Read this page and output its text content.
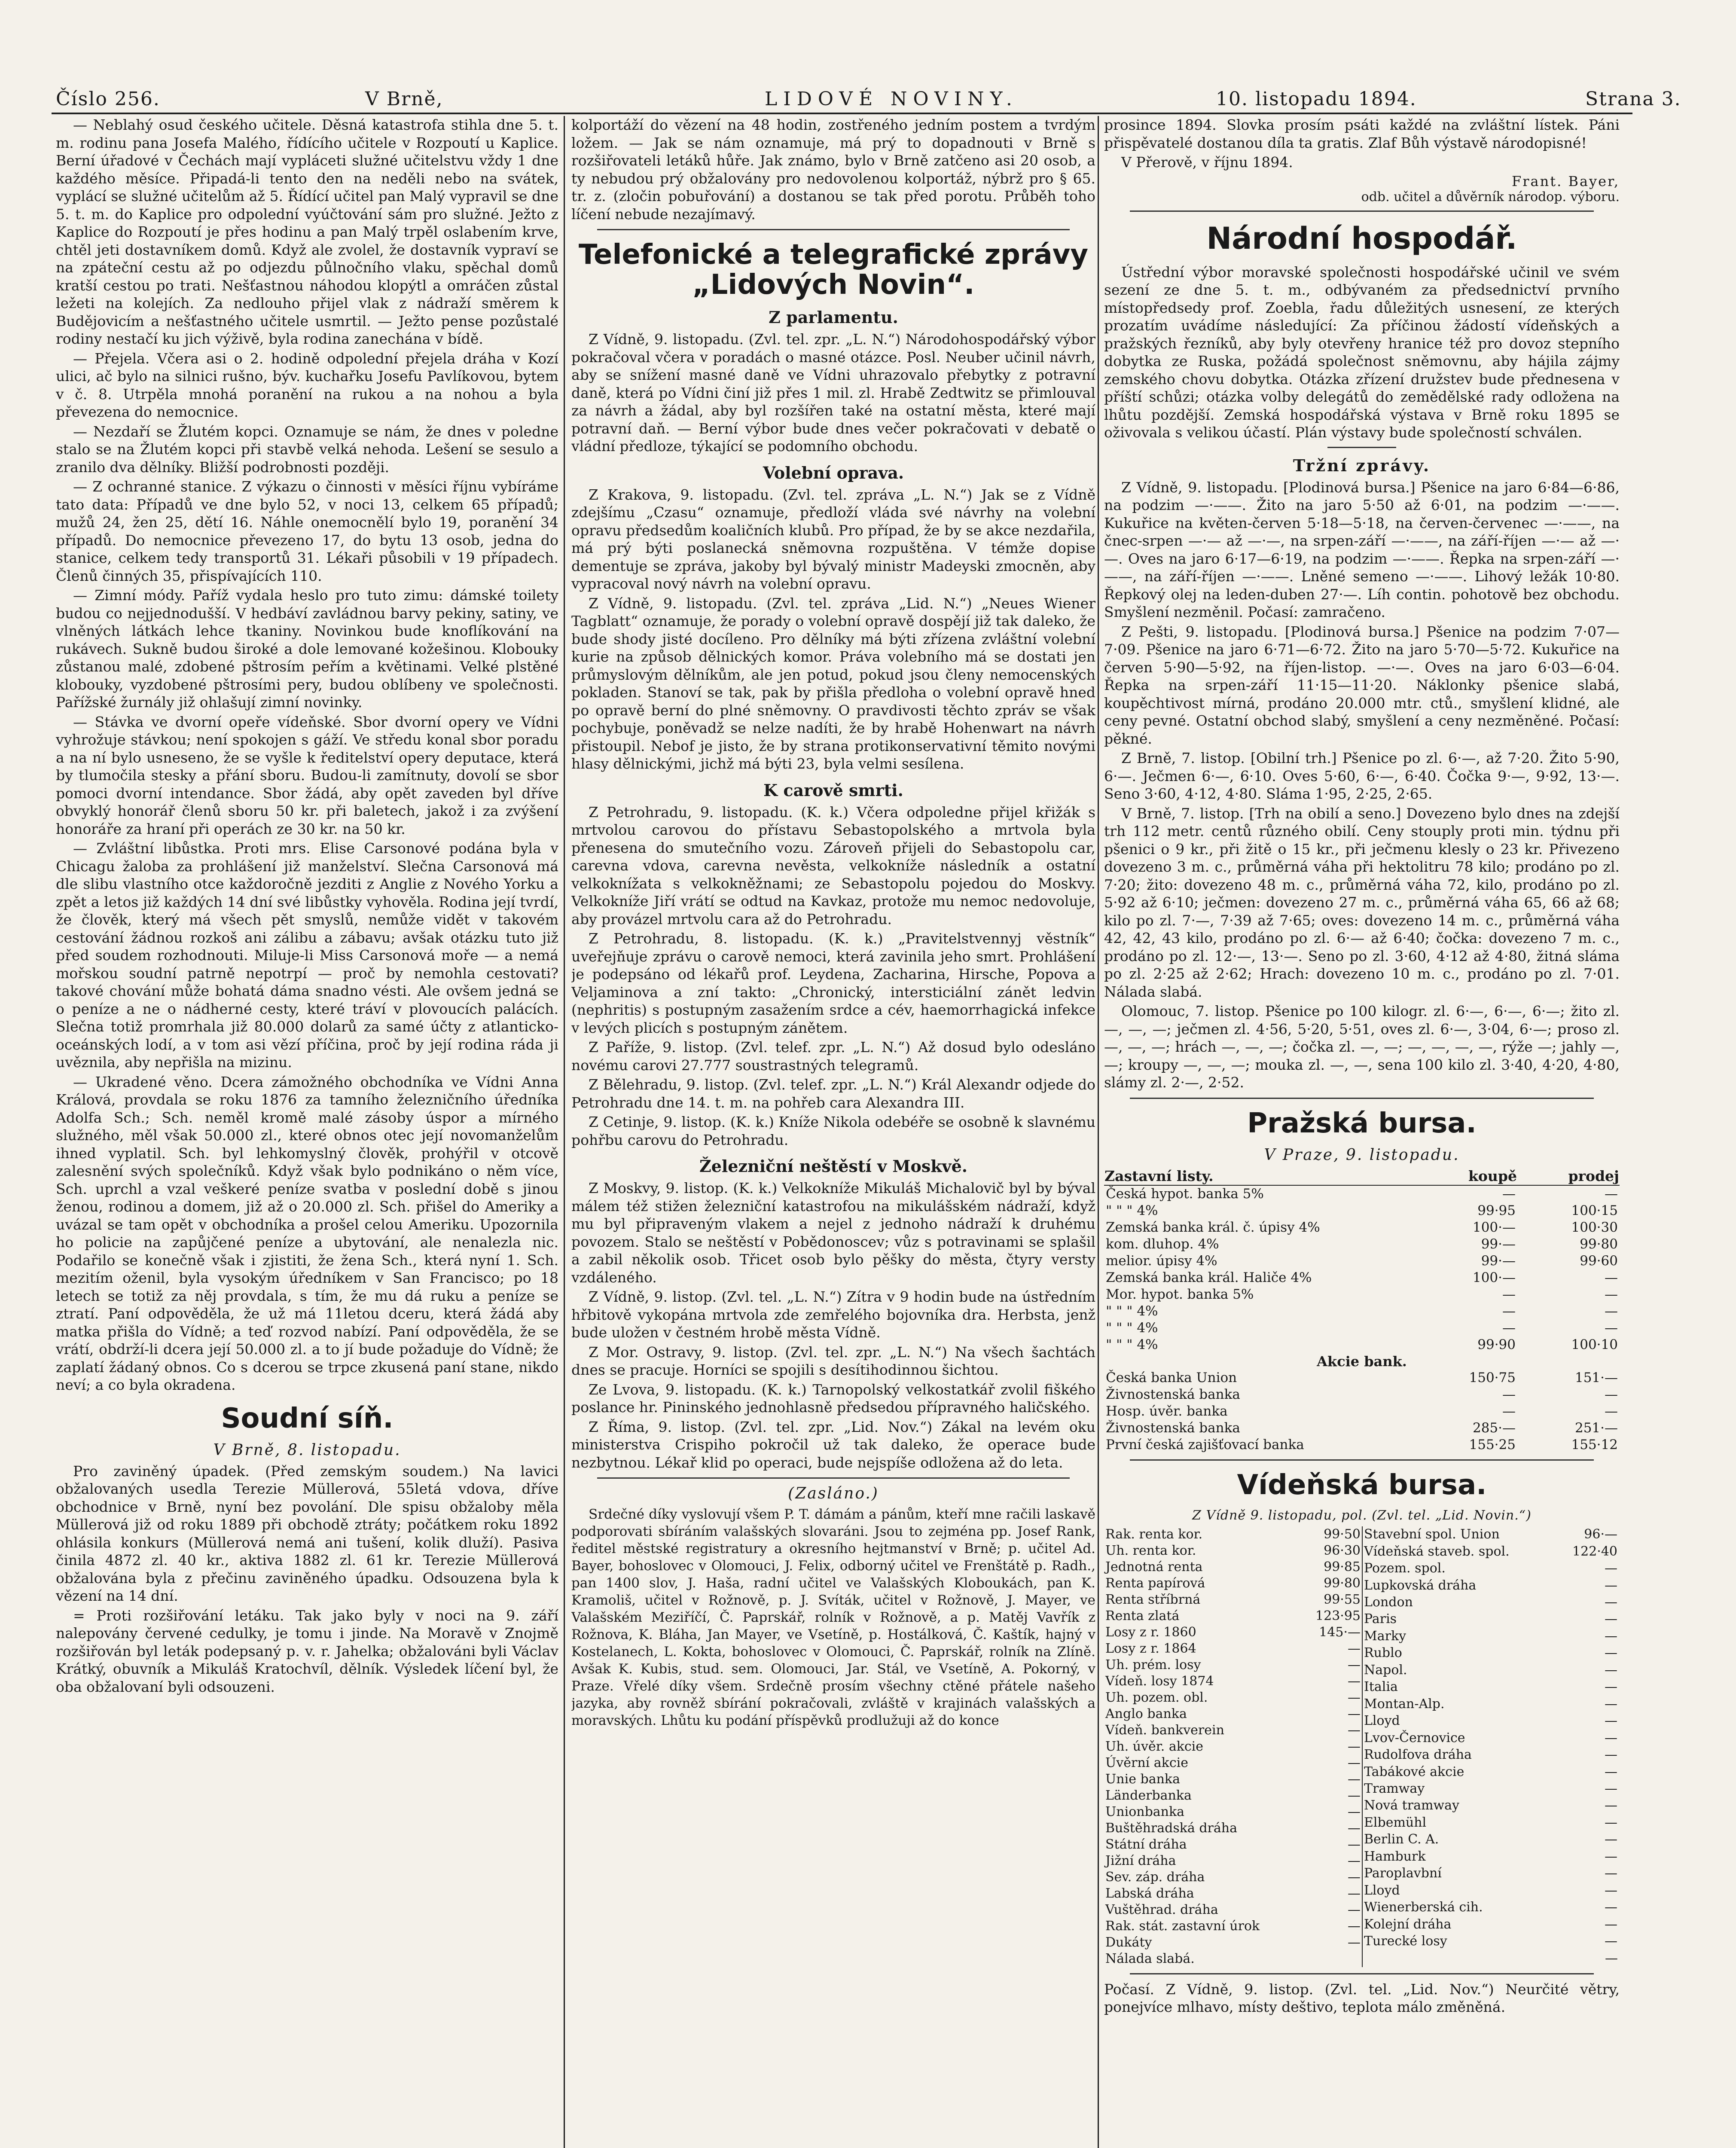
Číslo 256.	V Brně,	LIDOVÉ NOVINY.	10. listopadu 1894.	Strana 3.

— Neblahý osud českého učitele. Děsná katastrofa stihla dne 5. t. m. rodinu pana Josefa Malého, řídícího učitele v Rozpoutí u Kaplice. Berní úřadové v Čechách mají vypláceti služné učitelstvu vždy 1 dne každého měsíce. Připadá-li tento den na neděli nebo na svátek, vyplácí se služné učitelům až 5. Řídící učitel pan Malý vypravil se dne 5. t. m. do Kaplice pro odpolední vyúčtování sám pro služné. Ježto z Kaplice do Rozpoutí je přes hodinu a pan Malý trpěl oslabením krve, chtěl jeti dostavníkem domů. Když ale zvolel, že dostavník vypraví se na zpáteční cestu až po odjezdu půlnočního vlaku, spěchal domů kratší cestou po trati. Nešťastnou náhodou klopýtl a omráčen zůstal ležeti na kolejích. Za nedlouho přijel vlak z nádraží směrem k Budějovicím a nešťastného učitele usmrtil. — Ježto pense pozůstalé rodiny nestačí ku jich výživě, byla rodina zanechána v bídě.

— Přejela. Včera asi o 2. hodině odpolední přejela dráha v Kozí ulici, ač bylo na silnici rušno, býv. kuchařku Josefu Pavlíkovou, bytem v č. 8. Utrpěla mnohá poranění na rukou a na nohou a byla převezena do nemocnice.

— Nezdaří se Žlutém kopci. Oznamuje se nám, že dnes v poledne stalo se na Žlutém kopci při stavbě velká nehoda. Lešení se sesulo a zranilo dva dělníky. Bližší podrobnosti později.

— Z ochranné stanice. Z výkazu o činnosti v měsíci říjnu vybíráme tato data: Případů ve dne bylo 52, v noci 13, celkem 65 případů; mužů 24, žen 25, dětí 16. Náhle onemocnělí bylo 19, poranění 34 případů. Do nemocnice převezeno 17, do bytu 13 osob, jedna do stanice, celkem tedy transportů 31. Lékaři působili v 19 případech. Členů činných 35, přispívajících 110.

— Zimní módy. Paříž vydala heslo pro tuto zimu: dámské toilety budou co nejjednodušší. V hedbáví zavládnou barvy pekiny, satiny, ve vlněných látkách lehce tkaniny. Novinkou bude knoflíkování na rukávech. Sukně budou široké a dole lemované kožešinou. Klobouky zůstanou malé, zdobené pštrosím peřím a květinami. Velké plstěné klobouky, vyzdobené pštrosími pery, budou oblíbeny ve společnosti. Pařížské žurnály již ohlašují zimní novinky.

— Stávka ve dvorní opeře vídeňské. Sbor dvorní opery ve Vídni vyhrožuje stávkou; není spokojen s gáží. Ve středu konal sbor poradu a na ní bylo usneseno, že se vyšle k ředitelství opery deputace, která by tlumočila stesky a přání sboru. Budou-li zamítnuty, dovolí se sbor pomoci dvorní intendance. Sbor žádá, aby opět zaveden byl dříve obvyklý honorář členů sboru 50 kr. při baletech, jakož i za zvýšení honoráře za hraní při operách ze 30 kr. na 50 kr.

— Zvláštní libůstka. Proti mrs. Elise Carsonové podána byla v Chicagu žaloba za prohlášení již manželství. Slečna Carsonová má dle slibu vlastního otce každoročně jezditi z Anglie z Nového Yorku a zpět a letos již každých 14 dní své libůstky vyhověla. Rodina její tvrdí, že člověk, který má všech pět smyslů, nemůže vidět v takovém cestování žádnou rozkoš ani zálibu a zábavu; avšak otázku tuto již před soudem rozhodnouti. Miluje-li Miss Carsonová moře — a nemá mořskou soudní patrně nepotrpí — proč by nemohla cestovati? takové chování může bohatá dáma snadno vésti. Ale ovšem jedná se o peníze a ne o nádherné cesty, které tráví v plovoucích palácích. Slečna totiž promrhala již 80.000 dolarů za samé účty z atlanticko-oceánských lodí, a v tom asi vězí příčina, proč by její rodina ráda ji uvěznila, aby nepřišla na mizinu.

— Ukradené věno. Dcera zámožného obchodníka ve Vídni Anna Králová, provdala se roku 1876 za tamního železničního úředníka Adolfa Sch.; Sch. neměl kromě malé zásoby úspor a mírného služného, měl však 50.000 zl., které obnos otec její novomanželům ihned vyplatil. Sch. byl lehkomyslný člověk, prohýřil v otcově zalesnění svých společníků. Když však bylo podnikáno o něm více, Sch. uprchl a vzal veškeré peníze svatba v poslední době s jinou ženou, rodinou a domem, již až o 20.000 zl. Sch. přišel do Ameriky a uvázal se tam opět v obchodníka a prošel celou Ameriku. Upozornila ho policie na zapůjčené peníze a ubytování, ale nenalezla nic. Podařilo se konečně však i zjistiti, že žena Sch., která nyní 1. Sch. mezitím oženil, byla vysokým úředníkem v San Francisco; po 18 letech se totiž za něj provdala, s tím, že mu dá ruku a peníze se ztratí. Paní odpověděla, že už má 11letou dceru, která žádá aby matka přišla do Vídně; a teď rozvod nabízí. Paní odpověděla, že se vrátí, obdrží-li dcera její 50.000 zl. a to jí bude požaduje do Vídně; že zaplatí žádaný obnos. Co s dcerou se trpce zkusená paní stane, nikdo neví; a co byla okradena.

Soudní síň.
V Brně, 8. listopadu.

Pro zaviněný úpadek. (Před zemským soudem.) Na lavici obžalovaných usedla Terezie Müllerová, 55letá vdova, dříve obchodnice v Brně, nyní bez povolání. Dle spisu obžaloby měla Müllerová již od roku 1889 při obchodě ztráty; počátkem roku 1892 ohlásila konkurs (Müllerová nemá ani tušení, kolik dluží). Pasiva činila 4872 zl. 40 kr., aktiva 1882 zl. 61 kr. Terezie Müllerová obžalována byla z přečinu zaviněného úpadku. Odsouzena byla k vězení na 14 dní.

= Proti rozšiřování letáku. Tak jako byly v noci na 9. září nalepovány červené cedulky, je tomu i jinde. Na Moravě v Znojmě rozšiřován byl leták podepsaný p. v. r. Jahelka; obžalováni byli Václav Krátký, obuvník a Mikuláš Kratochvíl, dělník. Výsledek líčení byl, že oba obžalovaní byli odsouzeni.

kolportáží do vězení na 48 hodin, zostřeného jedním postem a tvrdým ložem. — Jak se nám oznamuje, má prý to dopadnouti v Brně s rozšiřovateli letáků hůře. Jak známo, bylo v Brně zatčeno asi 20 osob, a ty nebudou prý obžalovány pro nedovolenou kolportáž, nýbrž pro § 65. tr. z. (zločin pobuřování) a dostanou se tak před porotu. Průběh toho líčení nebude nezajímavý.

Telefonické a telegrafické zprávy „Lidových Novin“.
Z parlamentu.

Z Vídně, 9. listopadu. (Zvl. tel. zpr. „L. N.“) Národohospodářský výbor pokračoval včera v poradách o masné otázce. Posl. Neuber učinil návrh, aby se snížení masné daně ve Vídni uhrazovalo přebytky z potravní daně, která po Vídni činí již přes 1 mil. zl. Hrabě Zedtwitz se přimlouval za návrh a žádal, aby byl rozšířen také na ostatní města, které mají potravní daň. — Berní výbor bude dnes večer pokračovati v debatě o vládní předloze, týkající se podomního obchodu.

Volební oprava.

Z Krakova, 9. listopadu. (Zvl. tel. zpráva „L. N.“) Jak se z Vídně zdejšímu „Czasu“ oznamuje, předloží vláda své návrhy na volební opravu předsedům koaličních klubů. Pro případ, že by se akce nezdařila, má prý býti poslanecká sněmovna rozpuštěna. V témže dopise dementuje se zpráva, jakoby byl bývalý ministr Madeyski zmocněn, aby vypracoval nový návrh na volební opravu.

Z Vídně, 9. listopadu. (Zvl. tel. zpráva „Lid. N.“) „Neues Wiener Tagblatt“ oznamuje, že porady o volební opravě dospějí již tak daleko, že bude shody jisté docíleno. Pro dělníky má býti zřízena zvláštní volební kurie na způsob dělnických komor. Práva volebního má se dostati jen průmyslovým dělníkům, ale jen potud, pokud jsou členy nemocenských pokladen. Stanoví se tak, pak by přišla předloha o volební opravě hned po opravě berní do plné sněmovny. O pravdivosti těchto zpráv se však pochybuje, poněvadž se nelze nadíti, že by hrabě Hohenwart na návrh přistoupil. Nebof je jisto, že by strana protikonservativní těmito novými hlasy dělnickými, jichž má býti 23, byla velmi sesílena.

K carově smrti.

Z Petrohradu, 9. listopadu. (K. k.) Včera odpoledne přijel křižák s mrtvolou carovou do přístavu Sebastopolského a mrtvola byla přenesena do smutečního vozu. Zároveň přijeli do Sebastopolu car, carevna vdova, carevna nevěsta, velkokníže následník a ostatní velkoknížata s velkokněžnami; ze Sebastopolu pojedou do Moskvy. Velkokníže Jiří vrátí se odtud na Kavkaz, protože mu nemoc nedovoluje, aby provázel mrtvolu cara až do Petrohradu.

Z Petrohradu, 8. listopadu. (K. k.) „Pravitelstvennyj věstník“ uveřejňuje zprávu o carově nemoci, která zavinila jeho smrt. Prohlášení je podepsáno od lékařů prof. Leydena, Zacharina, Hirsche, Popova a Veljaminova a zní takto: „Chronický, intersticiální zánět ledvin (nephritis) s postupným zasažením srdce a cév, haemorrhagická infekce v levých plicích s postupným zánětem.

Z Paříže, 9. listop. (Zvl. telef. zpr. „L. N.“) Až dosud bylo odesláno novému carovi 27.777 soustrastných telegramů.

Z Bělehradu, 9. listop. (Zvl. telef. zpr. „L. N.“) Král Alexandr odjede do Petrohradu dne 14. t. m. na pohřeb cara Alexandra III.

Z Cetinje, 9. listop. (K. k.) Kníže Nikola odebéře se osobně k slavnému pohřbu carovu do Petrohradu.

Železniční neštěstí v Moskvě.

Z Moskvy, 9. listop. (K. k.) Velkokníže Mikuláš Michalovič byl by býval málem též stižen železniční katastrofou na mikulášském nádraží, když mu byl připraveným vlakem a nejel z jednoho nádraží k druhému povozem. Stalo se neštěstí v Pobědonoscev; vůz s potravinami se splašil a zabil několik osob. Třicet osob bylo pěšky do města, čtyry versty vzdáleného.

Z Vídně, 9. listop. (Zvl. tel. „L. N.“) Zítra v 9 hodin bude na ústředním hřbitově vykopána mrtvola zde zemřelého bojovníka dra. Herbsta, jenž bude uložen v čestném hrobě města Vídně.

Z Mor. Ostravy, 9. listop. (Zvl. tel. zpr. „L. N.“) Na všech šachtách dnes se pracuje. Horníci se spojili s desítihodinnou šichtou.

Ze Lvova, 9. listopadu. (K. k.) Tarnopolský velkostatkář zvolil fiškého poslance hr. Pininského jednohlasně předsedou přípravného haličského.

Z Říma, 9. listop. (Zvl. tel. zpr. „Lid. Nov.“) Zákal na levém oku ministerstva Crispiho pokročil už tak daleko, že operace bude nezbytnou. Lékař klid po operaci, bude nejspíše odložena až do leta.

(Zasláno.)

Srdečné díky vyslovují všem P. T. dámám a pánům, kteří mne račili laskavě podporovati sbíráním valašských slovaráni. Jsou to zejména pp. Josef Rank, ředitel městské registratury a okresního hejtmanství v Brně; p. učitel Ad. Bayer, bohoslovec v Olomouci, J. Felix, odborný učitel ve Frenštátě p. Radh., pan 1400 slov, J. Haša, radní učitel ve Valašských Kloboukách, pan K. Kramoliš, učitel v Rožnově, p. J. Svíták, učitel v Rožnově, J. Mayer, ve Valašském Meziříčí, Č. Paprskář, rolník v Rožnově, a p. Matěj Vavřík z Rožnova, K. Bláha, Jan Mayer, ve Vsetíně, p. Hostálková, Č. Kaštík, hajný v Kostelanech, L. Kokta, bohoslovec v Olomouci, Č. Paprskář, rolník na Zlíně. Avšak K. Kubis, stud. sem. Olomouci, Jar. Stál, ve Vsetíně, A. Pokorný, v Praze. Vřelé díky všem. Srdečně prosím všechny ctěné přátele našeho jazyka, aby rovněž sbírání pokračovali, zvláště v krajinách valašských a moravských. Lhůtu ku podání příspěvků prodlužuji až do konce

prosince 1894. Slovka prosím psáti každé na zvláštní lístek. Páni přispěvatelé dostanou díla ta gratis. Zlaf Bůh výstavě národopisné!

V Přerově, v říjnu 1894.

Frant. Bayer,
odb. učitel a důvěrník národop. výboru.
Národní hospodář.

Ústřední výbor moravské společnosti hospodářské učinil ve svém sezení ze dne 5. t. m., odbývaném za předsednictví prvního místopředsedy prof. Zoebla, řadu důležitých usnesení, ze kterých prozatím uvádíme následující: Za příčinou žádostí vídeňských a pražských řezníků, aby byly otevřeny hranice též pro dovoz stepního dobytka ze Ruska, požádá společnost sněmovnu, aby hájila zájmy zemského chovu dobytka. Otázka zřízení družstev bude přednesena v příští schůzi; otázka volby delegátů do zemědělské rady odložena na lhůtu pozdější. Zemská hospodářská výstava v Brně roku 1895 se oživovala s velikou účastí. Plán výstavy bude společností schválen.

Tržní zprávy.

Z Vídně, 9. listopadu. [Plodinová bursa.] Pšenice na jaro 6·84—6·86, na podzim —·——. Žito na jaro 5·50 až 6·01, na podzim —·——. Kukuřice na květen-červen 5·18—5·18, na červen-červenec —·——, na čnec-srpen —·— až —·—, na srpen-září —·——, na září-říjen —·— až —·—. Oves na jaro 6·17—6·19, na podzim —·——. Řepka na srpen-září —·——, na září-říjen —·——. Lněné semeno —·——. Lihový ležák 10·80. Řepkový olej na leden-duben 27·—. Líh contin. pohotově bez obchodu. Smyšlení nezměnil. Počasí: zamračeno.

Z Pešti, 9. listopadu. [Plodinová bursa.] Pšenice na podzim 7·07—7·09. Pšenice na jaro 6·71—6·72. Žito na jaro 5·70—5·72. Kukuřice na červen 5·90—5·92, na říjen-listop. —·—. Oves na jaro 6·03—6·04. Řepka na srpen-září 11·15—11·20. Náklonky pšenice slabá, koupěchtivost mírná, prodáno 20.000 mtr. ctů., smyšlení klidné, ale ceny pevné. Ostatní obchod slabý, smyšlení a ceny nezměněné. Počasí: pěkné.

Z Brně, 7. listop. [Obilní trh.] Pšenice po zl. 6·—, až 7·20. Žito 5·90, 6·—. Ječmen 6·—, 6·10. Oves 5·60, 6·—, 6·40. Čočka 9·—, 9·92, 13·—. Seno 3·60, 4·12, 4·80. Sláma 1·95, 2·25, 2·65.

V Brně, 7. listop. [Trh na obilí a seno.] Dovezeno bylo dnes na zdejší trh 112 metr. centů různého obilí. Ceny stouply proti min. týdnu při pšenici o 9 kr., při žitě o 15 kr., při ječmenu klesly o 23 kr. Přivezeno dovezeno 3 m. c., průměrná váha při hektolitru 78 kilo; prodáno po zl. 7·20; žito: dovezeno 48 m. c., průměrná váha 72, kilo, prodáno po zl. 5·92 až 6·10; ječmen: dovezeno 27 m. c., průměrná váha 65, 66 až 68; kilo po zl. 7·—, 7·39 až 7·65; oves: dovezeno 14 m. c., průměrná váha 42, 42, 43 kilo, prodáno po zl. 6·— až 6·40; čočka: dovezeno 7 m. c., prodáno po zl. 12·—, 13·—. Seno po zl. 3·60, 4·12 až 4·80, žitná sláma po zl. 2·25 až 2·62; Hrach: dovezeno 10 m. c., prodáno po zl. 7·01. Nálada slabá.

Olomouc, 7. listop. Pšenice po 100 kilogr. zl. 6·—, 6·—, 6·—; žito zl. —, —, —; ječmen zl. 4·56, 5·20, 5·51, oves zl. 6·—, 3·04, 6·—; proso zl. —, —, —; hrách —, —, —; čočka zl. —, —; —, —, —, —, rýže —; jahly —, —; kroupy —, —, —; mouka zl. —, —, sena 100 kilo zl. 3·40, 4·20, 4·80, slámy zl. 2·—, 2·52.

Pražská bursa.
V Praze, 9. listopadu.
Zastavní listy.	koupě	prodej
Česká hypot. banka 5%	—	—
" " " 4%	99·95	100·15
Zemská banka král. č. úpisy 4%	100·—	100·30
kom. dluhop. 4%	99·—	99·80
melior. úpisy 4%	99·—	99·60
Zemská banka král. Haliče 4%	100·—	—
Mor. hypot. banka 5%	—	—
" " " 4%	—	—
" " " 4%	—	—
" " " 4%	99·90	100·10
Akcie bank.
Česká banka Union	150·75	151·—
Živnostenská banka	—	—
Hosp. úvěr. banka	—	—
Živnostenská banka	285·—	251·—
První česká zajišťovací banka	155·25	155·12
Vídeňská bursa.
Z Vídně 9. listopadu, pol. (Zvl. tel. „Lid. Novin.“)
Rak. renta kor.	99·50
Uh. renta kor.	96·30
Jednotná renta	99·85
Renta papírová	99·80
Renta stříbrná	99·55
Renta zlatá	123·95
Losy z r. 1860	145·—
Losy z r. 1864	—
Uh. prém. losy	—
Vídeň. losy 1874	—
Uh. pozem. obl.	—
Anglo banka	—
Vídeň. bankverein	—
Uh. úvěr. akcie	—
Úvěrní akcie	—
Unie banka	—
Länderbanka	—
Unionbanka	—
Buštěhradská dráha	—
Státní dráha	—
Jižní dráha	—
Sev. záp. dráha	—
Labská dráha	—
Vuštěhrad. dráha	—
Rak. stát. zastavní úrok	—
Dukáty	—
Nálada slabá.	
Stavební spol. Union	96·—
Vídeňská staveb. spol.	122·40
Pozem. spol.	—
Lupkovská dráha	—
London	—
Paris	—
Marky	—
Rublo	—
Napol.	—
Italia	—
Montan-Alp.	—
Lloyd	—
Lvov-Černovice	—
Rudolfova dráha	—
Tabákové akcie	—
Tramway	—
Nová tramway	—
Elbemühl	—
Berlin C. A.	—
Hamburk	—
Paroplavbní	—
Lloyd	—
Wienerberská cih.	—
Kolejní dráha	—
Turecké losy	—
	—

Počasí. Z Vídně, 9. listop. (Zvl. tel. „Lid. Nov.“) Neurčité větry, ponejvíce mlhavo, místy deštivo, teplota málo změněná.
